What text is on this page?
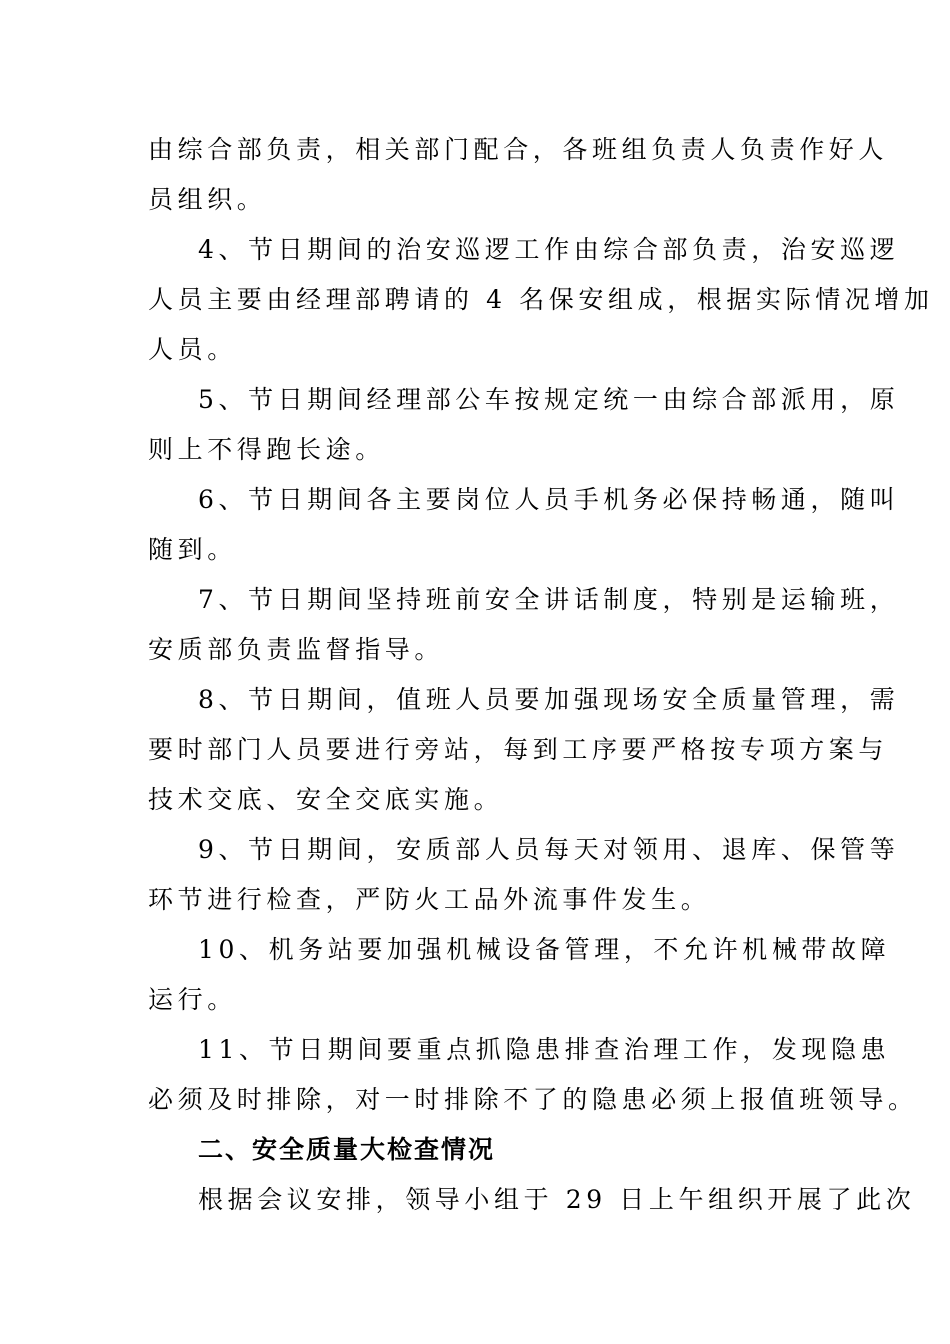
由综合部负责，相关部门配合，各班组负责人负责作好人
员组织。
4、节日期间的治安巡逻工作由综合部负责，治安巡逻
人员主要由经理部聘请的 4 名保安组成，根据实际情况增加
人员。
5、节日期间经理部公车按规定统一由综合部派用，原
则上不得跑长途。
6、节日期间各主要岗位人员手机务必保持畅通，随叫
随到。
7、节日期间坚持班前安全讲话制度，特别是运输班，
安质部负责监督指导。
8、节日期间，值班人员要加强现场安全质量管理，需
要时部门人员要进行旁站，每到工序要严格按专项方案与
技术交底、安全交底实施。
9、节日期间，安质部人员每天对领用、退库、保管等
环节进行检查，严防火工品外流事件发生。
10、机务站要加强机械设备管理，不允许机械带故障
运行。
11、节日期间要重点抓隐患排查治理工作，发现隐患
必须及时排除，对一时排除不了的隐患必须上报值班领导。
二、安全质量大检查情况
根据会议安排，领导小组于 29 日上午组织开展了此次
